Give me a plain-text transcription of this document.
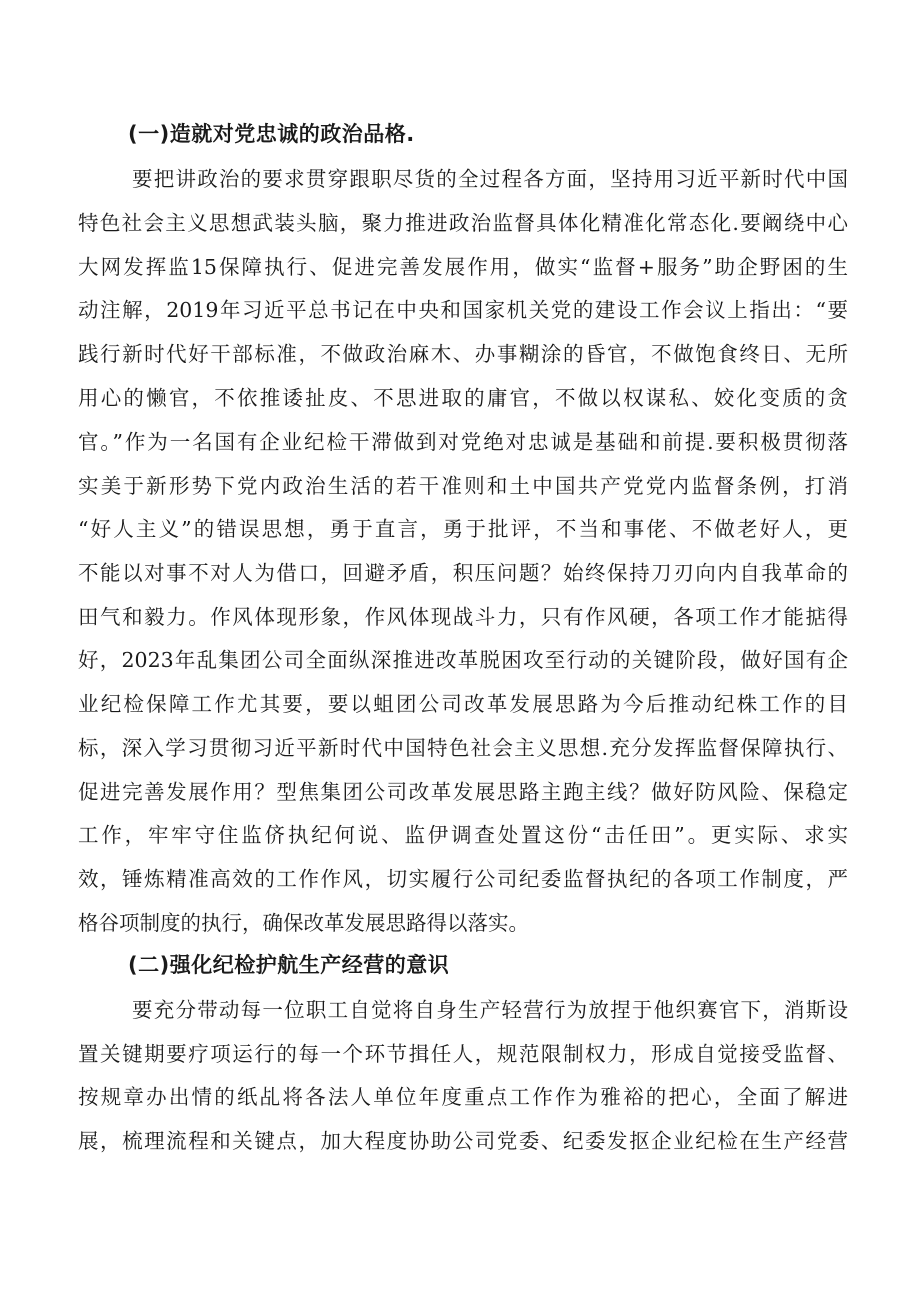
(一)造就对党忠诚的政治品格.
要把讲政治的要求贯穿跟职尽货的全过程各方面，坚持用习近平新时代中国
特色社会主义思想武装头脑，聚力推进政治监督具体化精准化常态化.要阚绕中心
大网发挥监15保障执行、促进完善发展作用，做实“监督+服务”助企野困的生
动注解，2019年习近平总书记在中央和国家机关党的建设工作会议上指出：“要
践行新时代好干部标准，不做政治麻木、办事糊涂的昏官，不做饱食终日、无所
用心的懒官，不依推诿扯皮、不思进取的庸官，不做以权谋私、姣化变质的贪
官。”作为一名国有企业纪检干滞做到对党绝对忠诚是基础和前提.要积极贯彻落
实美于新形势下党内政治生活的若干准则和土中国共产党党内监督条例，打消
“好人主义”的错误思想，勇于直言，勇于批评，不当和事佬、不做老好人，更
不能以对事不对人为借口，回避矛盾，积压问题？始终保持刀刃向内自我革命的
田气和毅力。作风体现形象，作风体现战斗力，只有作风硬，各项工作才能掂得
好，2023年乱集团公司全面纵深推进改革脱困攻至行动的关键阶段，做好国有企
业纪检保障工作尤其要，要以蛆团公司改革发展思路为今后推动纪株工作的目
标，深入学习贯彻习近平新时代中国特色社会主义思想.充分发挥监督保障执行、
促进完善发展作用？型焦集团公司改革发展思路主跑主线？做好防风险、保稳定
工作，牢牢守住监侪执纪何说、监伊调查处置这份“击任田”。更实际、求实
效，锤炼精准高效的工作作风，切实履行公司纪委监督执纪的各项工作制度，严
格谷项制度的执行，确保改革发展思路得以落实。
(二)强化纪检护航生产经营的意识
要充分带动每一位职工自觉将自身生产轻营行为放捏于他织赛官下，消斯设
置关键期要疗项运行的每一个环节揖任人，规范限制权力，形成自觉接受监督、
按规章办出情的纸乩将各法人单位年度重点工作作为雅裕的把心，全面了解进
展，梳理流程和关键点，加大程度协助公司党委、纪委发抠企业纪检在生产经营
